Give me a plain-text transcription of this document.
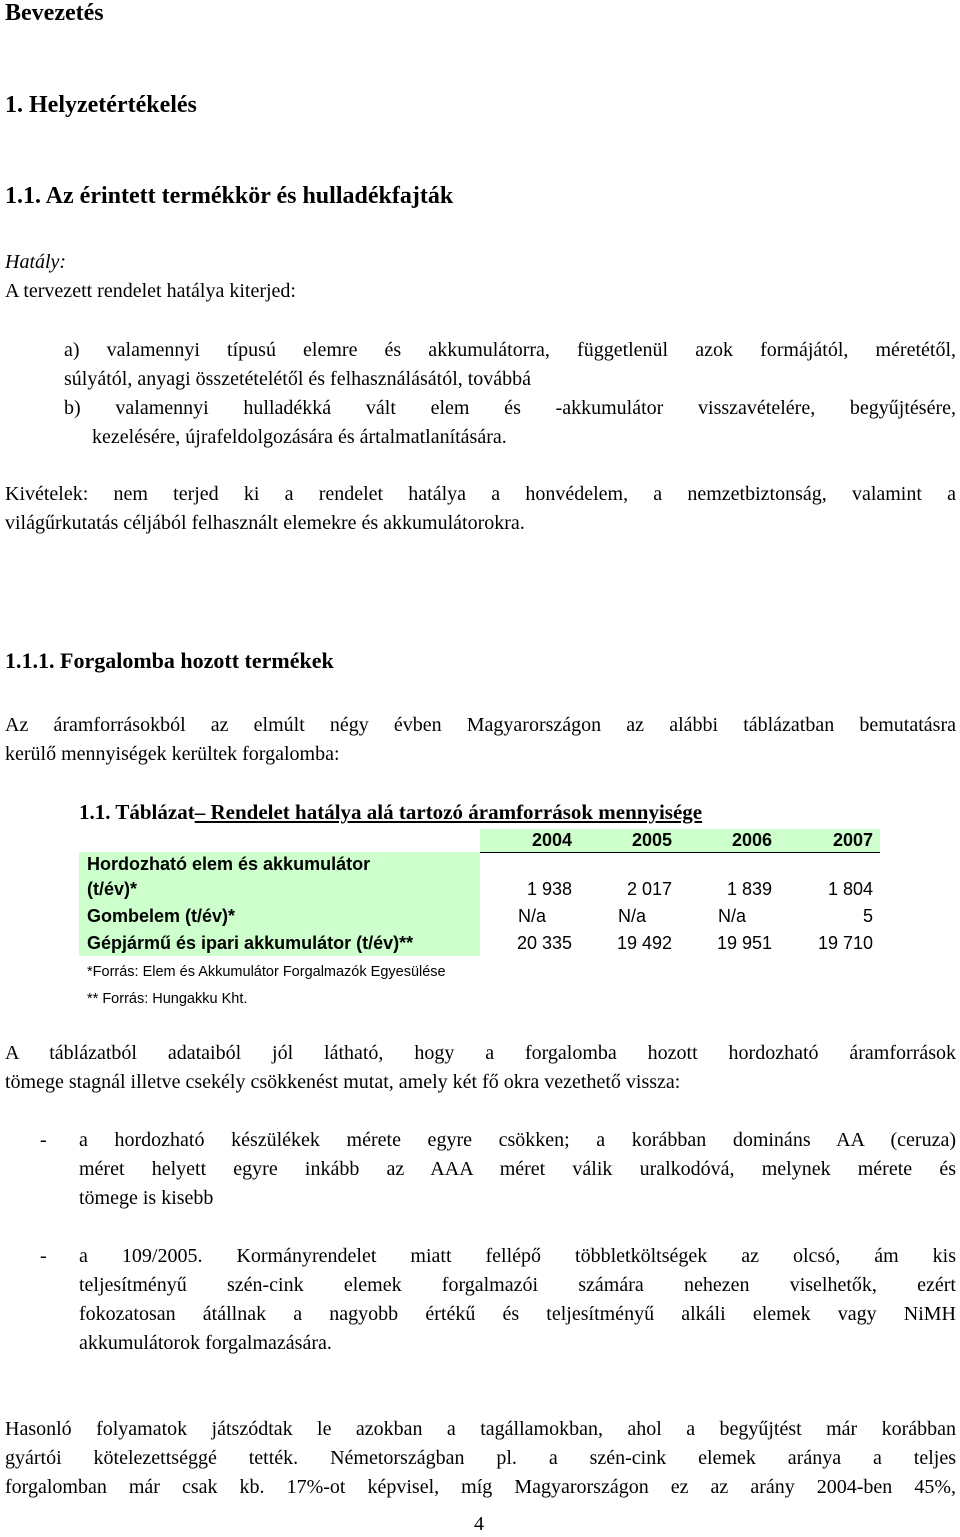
Bevezetés
1. Helyzetértékelés
1.1. Az érintett termékkör és hulladékfajták
Hatály:
A tervezett rendelet hatálya kiterjed:
a) valamennyi típusú elemre és akkumulátorra, függetlenül azok formájától, méretétől,
súlyától, anyagi összetételétől és felhasználásától, továbbá
b) valamennyi hulladékká vált elem és -akkumulátor visszavételére, begyűjtésére,
kezelésére, újrafeldolgozására és ártalmatlanítására.
Kivételek: nem terjed ki a rendelet hatálya a honvédelem, a nemzetbiztonság, valamint a
világűrkutatás céljából felhasznált elemekre és akkumulátorokra.
1.1.1. Forgalomba hozott termékek
Az áramforrásokból az elmúlt négy évben Magyarországon az alábbi táblázatban bemutatásra
kerülő mennyiségek kerültek forgalomba:
1.1. Táblázat– Rendelet hatálya alá tartozó áramforrások mennyisége
2004	2005	2006	2007
Hordozható elem és akkumulátor
(t/év)*	1 938	2 017	1 839	1 804
Gombelem (t/év)*	N/a	N/a	N/a	5
Gépjármű és ipari akkumulátor (t/év)**	20 335	19 492	19 951	19 710
*Forrás: Elem és Akkumulátor Forgalmazók Egyesülése
** Forrás: Hungakku Kht.
A táblázatból adataiból jól látható, hogy a forgalomba hozott hordozható áramforrások
tömege stagnál illetve csekély csökkenést mutat, amely két fő okra vezethető vissza:
- a hordozható készülékek mérete egyre csökken; a korábban domináns AA (ceruza)
méret helyett egyre inkább az AAA méret válik uralkodóvá, melynek mérete és
tömege is kisebb
- a 109/2005. Kormányrendelet miatt fellépő többletköltségek az olcsó, ám kis
teljesítményű szén-cink elemek forgalmazói számára nehezen viselhetők, ezért
fokozatosan átállnak a nagyobb értékű és teljesítményű alkáli elemek vagy NiMH
akkumulátorok forgalmazására.
Hasonló folyamatok játszódtak le azokban a tagállamokban, ahol a begyűjtést már korábban
gyártói kötelezettséggé tették. Németországban pl. a szén-cink elemek aránya a teljes
forgalomban már csak kb. 17%-ot képvisel, míg Magyarországon ez az arány 2004-ben 45%,
4
